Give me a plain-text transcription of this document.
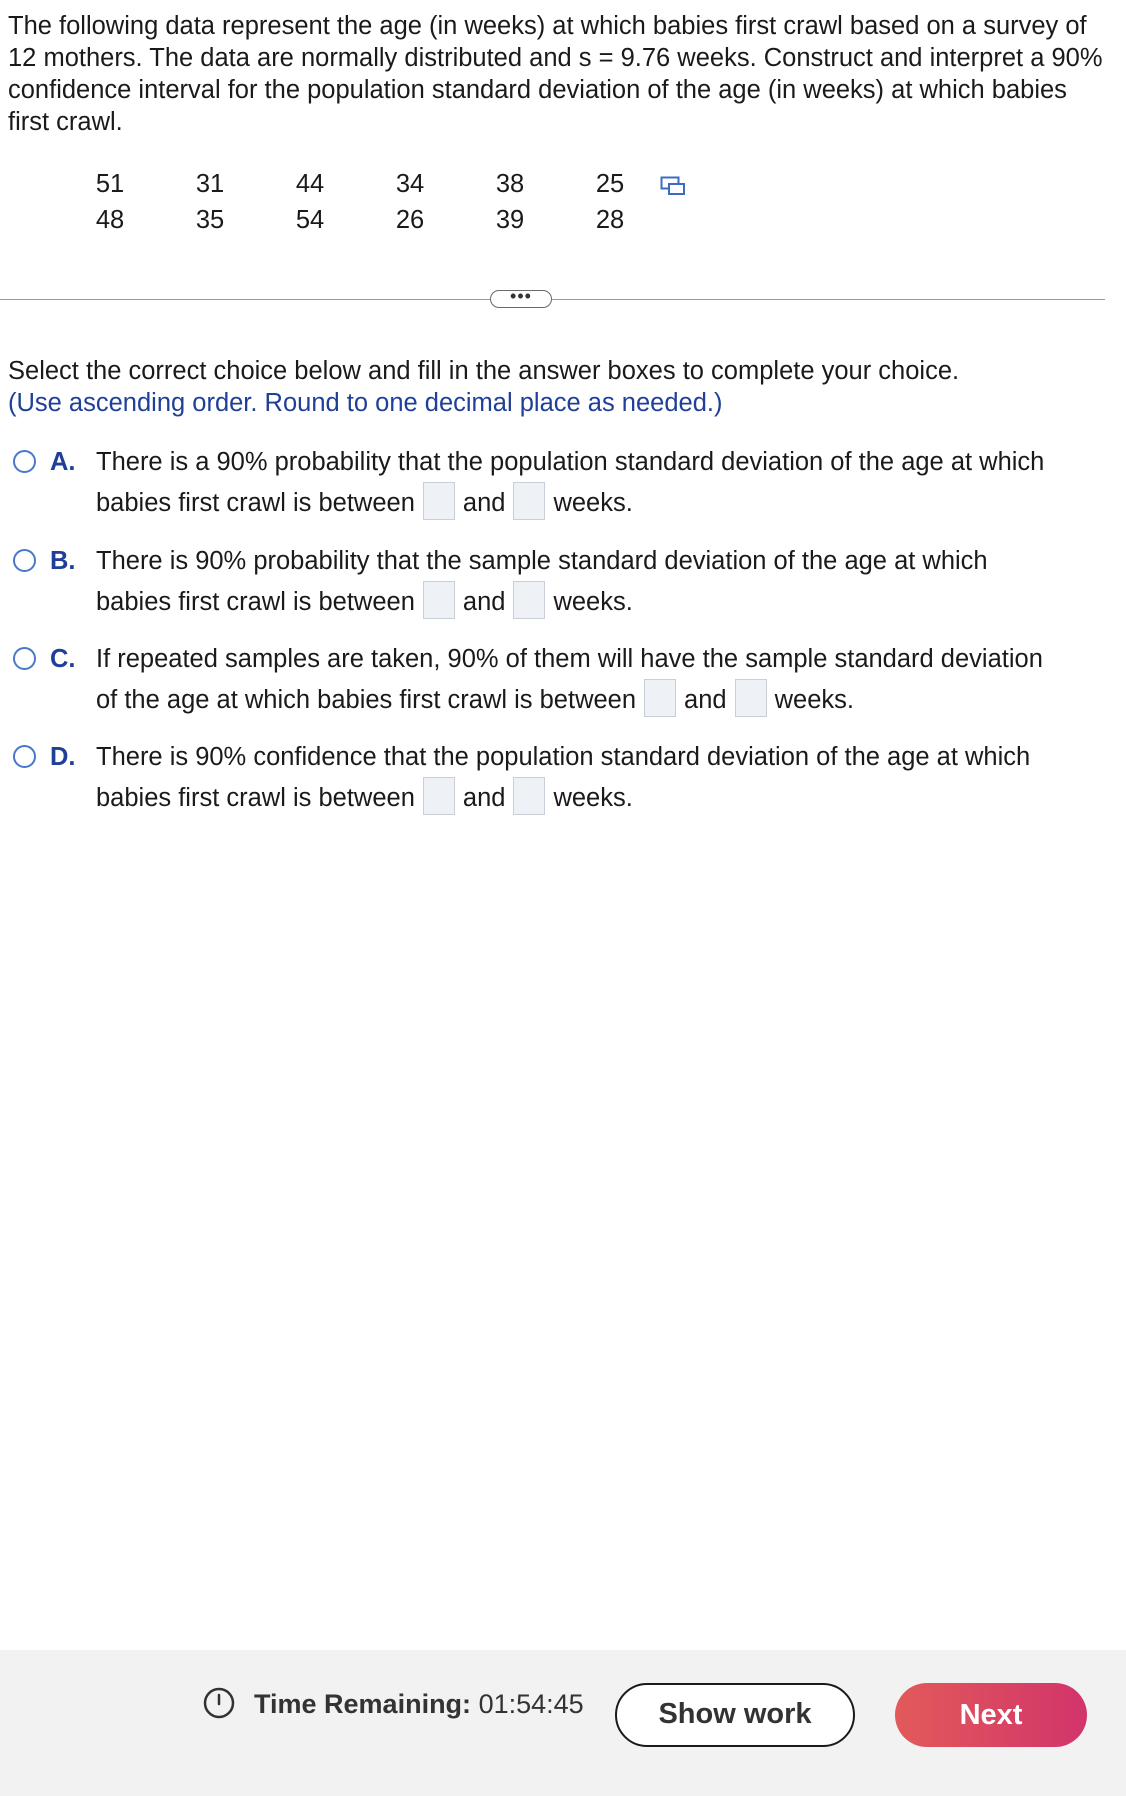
The following data represent the age (in weeks) at which babies first crawl based on a survey of 12 mothers. The data are normally distributed and s = 9.76 weeks. Construct and interpret a 90% confidence interval for the population standard deviation of the age (in weeks) at which babies first crawl.
51	31	44	34	38	25
48	35	54	26	39	28
•••
Select the correct choice below and fill in the answer boxes to complete your choice.
(Use ascending order. Round to one decimal place as needed.)
A. There is a 90% probability that the population standard deviation of the age at which
babies first crawl is between and weeks.
B. There is 90% probability that the sample standard deviation of the age at which
babies first crawl is between and weeks.
C. If repeated samples are taken, 90% of them will have the sample standard deviation
of the age at which babies first crawl is between and weeks.
D. There is 90% confidence that the population standard deviation of the age at which
babies first crawl is between and weeks.
Time Remaining: 01:54:45	Show work	Next
